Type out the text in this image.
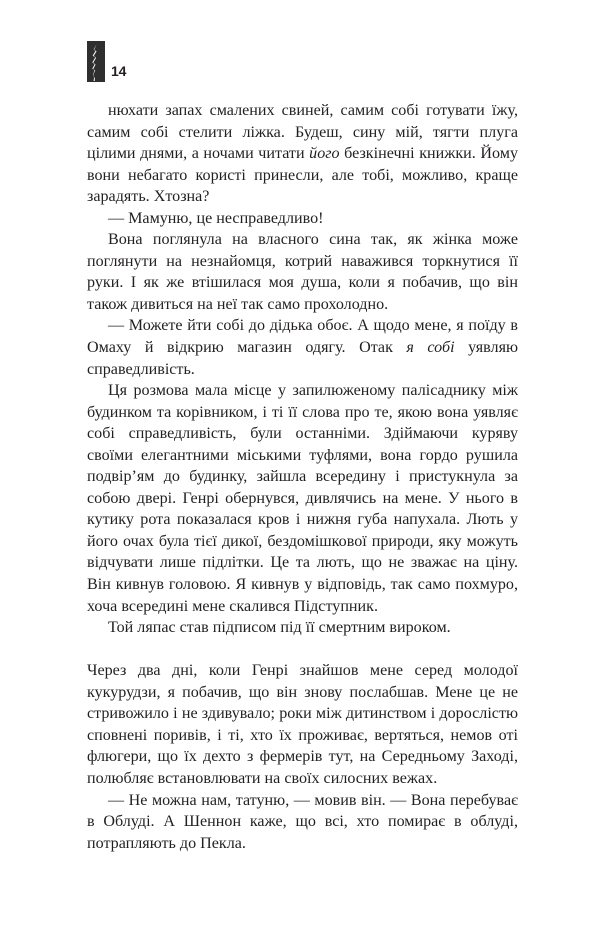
14

нюхати запах смалених свиней, самим собі готувати їжу, самим собі стелити ліжка. Будеш, сину мій, тягти плуга цілими днями, а ночами читати його безкінечні книжки. Йому вони небагато користі принесли, але тобі, можливо, краще зарадять. Хтозна?

— Мамуню, це несправедливо!

Вона поглянула на власного сина так, як жінка може поглянути на незнайомця, котрий наважився торкнутися її руки. І як же втішилася моя душа, коли я побачив, що він також дивиться на неї так само прохолодно.

— Можете йти собі до дідька обоє. А щодо мене, я поїду в Омаху й відкрию магазин одягу. Отак я собі уявляю справедливість.

Ця розмова мала місце у запилюженому палісаднику між будинком та корівником, і ті її слова про те, якою вона уявляє собі справедливість, були останніми. Здіймаючи куряву своїми елегантними міськими туфлями, вона гордо рушила подвір’ям до будинку, зайшла всередину і пристукнула за собою двері. Генрі обернувся, дивлячись на мене. У нього в кутику рота показалася кров і нижня губа напухала. Лють у його очах була тієї дикої, бездомішкової природи, яку можуть відчувати лише підлітки. Це та лють, що не зважає на ціну. Він кивнув головою. Я кивнув у відповідь, так само похмуро, хоча всередині мене скалився Підступник.

Той ляпас став підписом під її смертним вироком.

Через два дні, коли Генрі знайшов мене серед молодої кукурудзи, я побачив, що він знову послабшав. Мене це не стривожило і не здивувало; роки між дитинством і дорослістю сповнені поривів, і ті, хто їх проживає, вертяться, немов оті флюгери, що їх дехто з фермерів тут, на Середньому Заході, полюбляє встановлювати на своїх силосних вежах.

— Не можна нам, татуню, — мовив він. — Вона перебуває в Облуді. А Шеннон каже, що всі, хто помирає в облуді, потрапляють до Пекла.
